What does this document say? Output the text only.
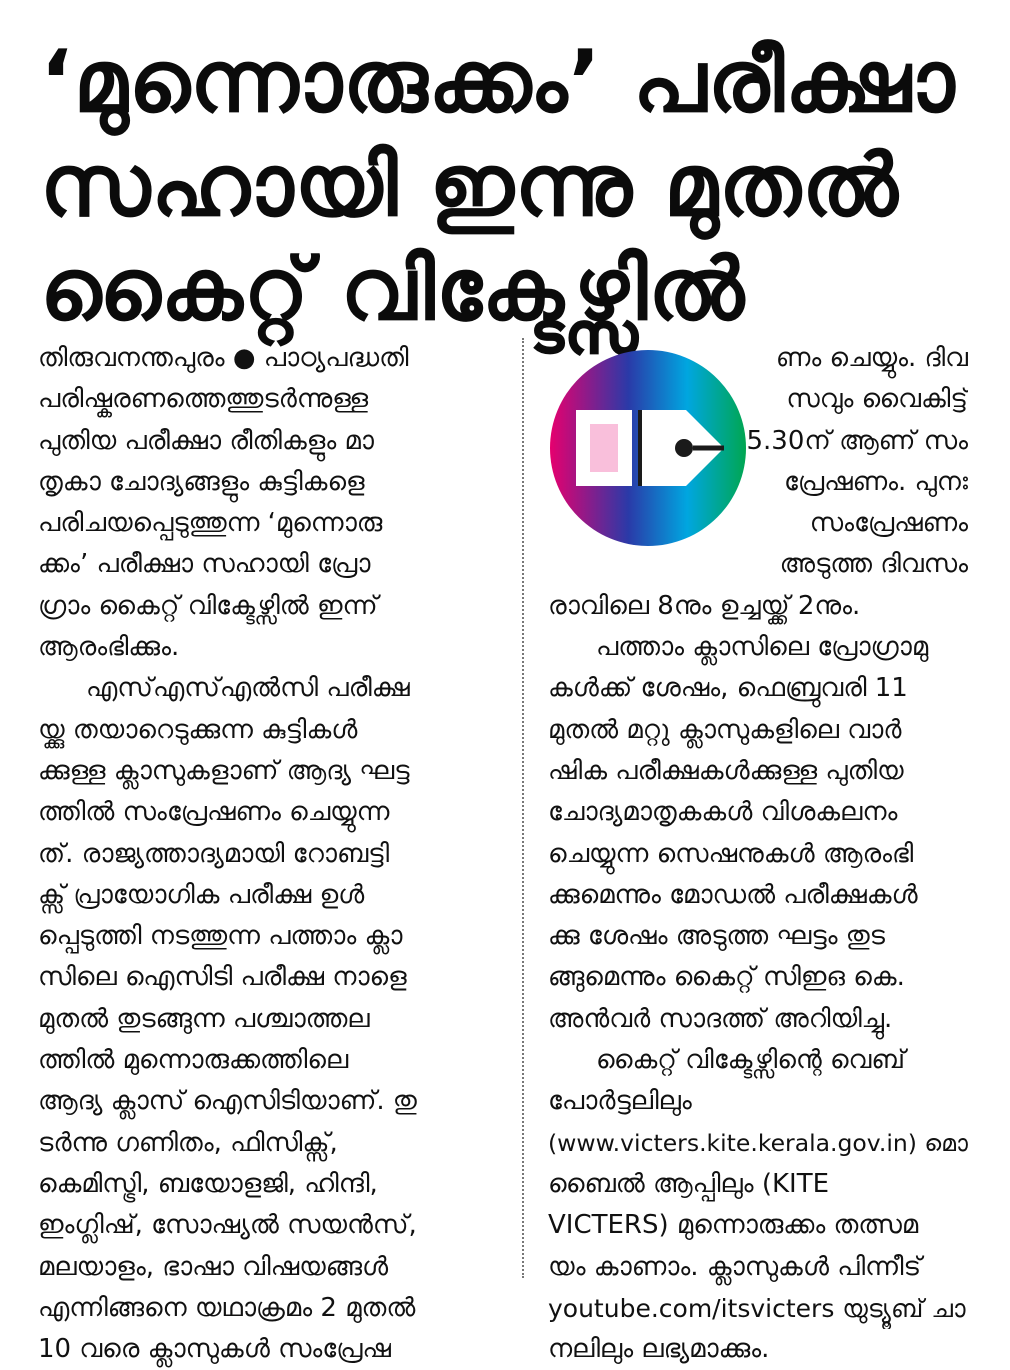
‘മുന്നൊരുക്കം’ പരീക്ഷാ
സഹായി ഇന്നു മുതൽ
കൈറ്റ് വിക്ടേഴ്സിൽ
തിരുവനന്തപുരം ● പാഠ്യപദ്ധതി
പരിഷ്കരണത്തെത്തുടർന്നുള്ള
പുതിയ പരീക്ഷാ രീതികളും മാ
തൃകാ ചോദ്യങ്ങളും കുട്ടികളെ
പരിചയപ്പെടുത്തുന്ന ‘മുന്നൊരു
ക്കം’ പരീക്ഷാ സഹായി പ്രോ
ഗ്രാം കൈറ്റ് വിക്ടേഴ്സിൽ ഇന്ന്
ആരംഭിക്കും.
എസ്എസ്എൽസി പരീക്ഷ
യ്ക്കു തയാറെടുക്കുന്ന കുട്ടികൾ
ക്കുള്ള ക്ലാസുകളാണ് ആദ്യ ഘട്ട
ത്തിൽ സംപ്രേഷണം ചെയ്യുന്ന
ത്. രാജ്യത്താദ്യമായി റോബട്ടി
ക്സ് പ്രായോഗിക പരീക്ഷ ഉൾ
പ്പെടുത്തി നടത്തുന്ന പത്താം ക്ലാ
സിലെ ഐസിടി പരീക്ഷ നാളെ
മുതൽ തുടങ്ങുന്ന പശ്ചാത്തല
ത്തിൽ മുന്നൊരുക്കത്തിലെ
ആദ്യ ക്ലാസ് ഐസിടിയാണ്. തു
ടർന്നു ഗണിതം, ഫിസിക്സ്,
കെമിസ്ട്രി, ബയോളജി, ഹിന്ദി,
ഇംഗ്ലിഷ്, സോഷ്യൽ സയൻസ്,
മലയാളം, ഭാഷാ വിഷയങ്ങൾ
എന്നിങ്ങനെ യഥാക്രമം 2 മുതൽ
10 വരെ ക്ലാസുകൾ സംപ്രേഷ
ണം ചെയ്യും. ദിവ
സവും വൈകിട്ട്
5.30ന് ആണ് സം
പ്രേഷണം. പുനഃ
സംപ്രേഷണം
അടുത്ത ദിവസം
രാവിലെ 8നും ഉച്ചയ്ക്ക് 2നും.
പത്താം ക്ലാസിലെ പ്രോഗ്രാമു
കൾക്ക് ശേഷം, ഫെബ്രുവരി 11
മുതൽ മറ്റു ക്ലാസുകളിലെ വാർ
ഷിക പരീക്ഷകൾക്കുള്ള പുതിയ
ചോദ്യമാതൃകകൾ വിശകലനം
ചെയ്യുന്ന സെഷനുകൾ ആരംഭി
ക്കുമെന്നും മോഡൽ പരീക്ഷകൾ
ക്കു ശേഷം അടുത്ത ഘട്ടം തുട
ങ്ങുമെന്നും കൈറ്റ് സിഇഒ കെ.
അൻവർ സാദത്ത് അറിയിച്ചു.
കൈറ്റ് വിക്ടേഴ്സിന്റെ വെബ്
പോർട്ടലിലും
(www.victers.kite.kerala.gov.in) മൊ
ബൈൽ ആപ്പിലും (KITE
VICTERS) മുന്നൊരുക്കം തത്സമ
യം കാണാം. ക്ലാസുകൾ പിന്നീട്
youtube.com/itsvicters യുട്യൂബ് ചാ
നലിലും ലഭ്യമാക്കും.
